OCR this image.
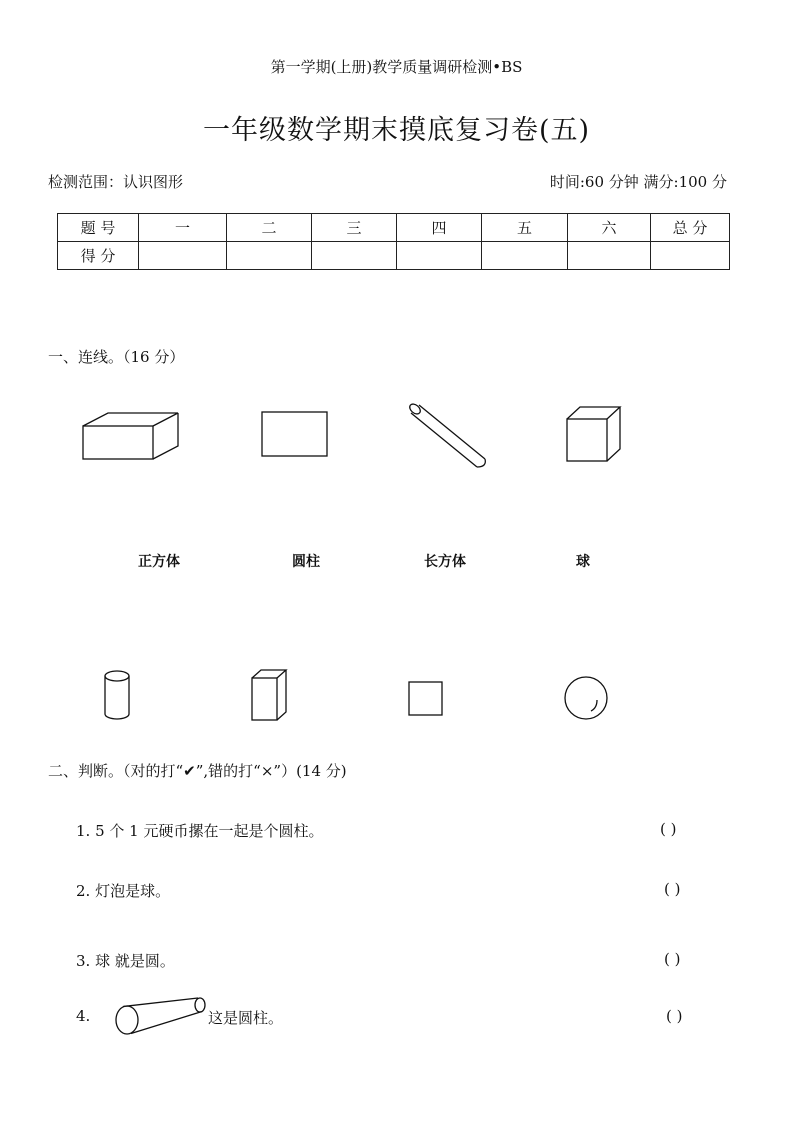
第一学期(上册)教学质量调研检测•BS
一年级数学期末摸底复习卷(五)
检测范围：认识图形	时间:60 分钟 满分:100 分
题 号	一	二	三	四	五	六	总 分
得 分							
一、连线。（16 分）
正方体	圆柱	长方体	球
二、判断。（对的打“✔”,错的打“×”）(14 分)
1. 5 个 1 元硬币摞在一起是个圆柱。	( )
2. 灯泡是球。	( )
3. 球 就是圆。	( )
4.	这是圆柱。	( )
